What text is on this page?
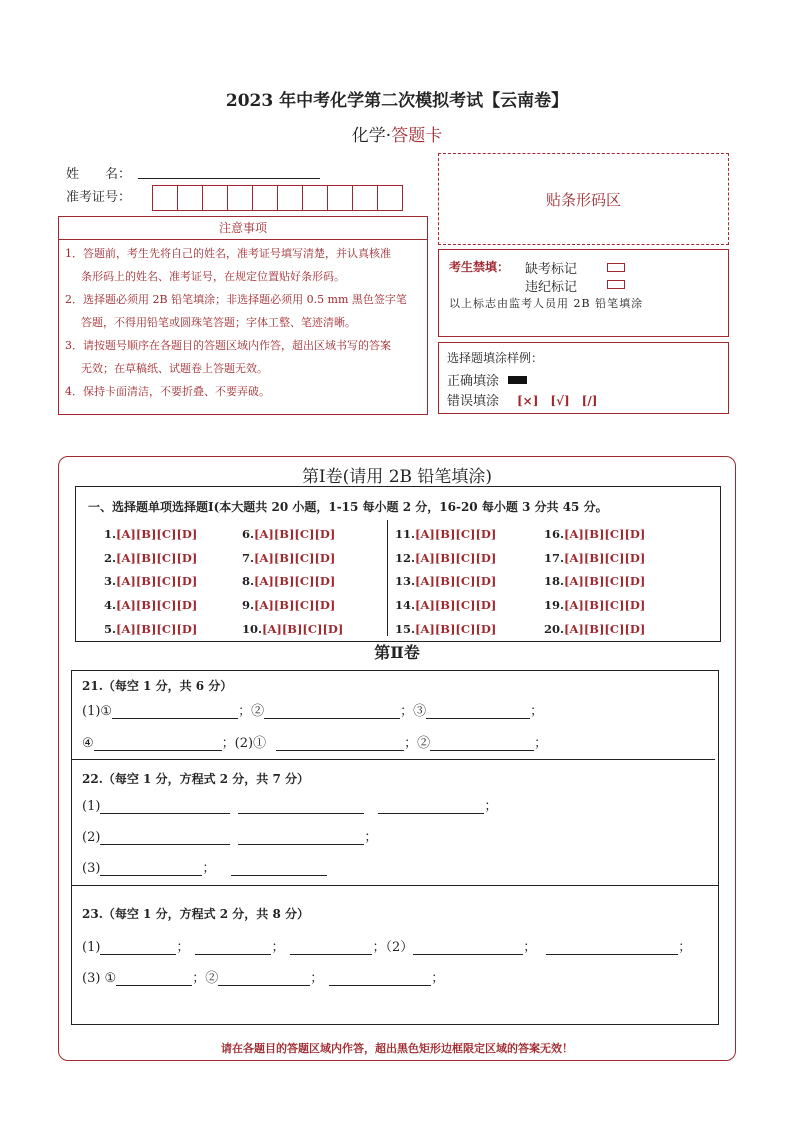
2023 年中考化学第二次模拟考试【云南卷】
化学·答题卡
姓　　名：
准考证号：	贴条形码区
注意事项
1．答题前，考生先将自己的姓名，准考证号填写清楚，并认真核准
条形码上的姓名、准考证号，在规定位置贴好条形码。
2．选择题必须用 2B 铅笔填涂；非选择题必须用 0.5 mm 黑色签字笔
答题，不得用铅笔或圆珠笔答题；字体工整、笔迹清晰。
3．请按题号顺序在各题目的答题区域内作答，超出区域书写的答案
无效；在草稿纸、试题卷上答题无效。
4．保持卡面清洁，不要折叠、不要弄破。
考生禁填： 缺考标记
违纪标记
以上标志由监考人员用 2B 铅笔填涂
选择题填涂样例：
正确填涂
错误填涂 [×]　[√]　[/]
第Ⅰ卷(请用 2B 铅笔填涂)
一、选择题单项选择题Ⅰ(本大题共 20 小题，1-15 每小题 2 分，16-20 每小题 3 分共 45 分。
1.[A][B][C][D]
2.[A][B][C][D]
3.[A][B][C][D]
4.[A][B][C][D]
5.[A][B][C][D]
6.[A][B][C][D]
7.[A][B][C][D]
8.[A][B][C][D]
9.[A][B][C][D]
10.[A][B][C][D]
11.[A][B][C][D]
12.[A][B][C][D]
13.[A][B][C][D]
14.[A][B][C][D]
15.[A][B][C][D]
16.[A][B][C][D]
17.[A][B][C][D]
18.[A][B][C][D]
19.[A][B][C][D]
20.[A][B][C][D]
第Ⅱ卷
21.（每空 1 分，共 6 分）
(1)①	；②	；③	；
④	；(2)①	；②	；
22.（每空 1 分，方程式 2 分，共 7 分）
(1)	；
(2)	；
(3)	；
23.（每空 1 分，方程式 2 分，共 8 分）
(1)	；	；	；（2）	；	；
(3) ①	；②	；	；
请在各题目的答题区域内作答，超出黑色矩形边框限定区域的答案无效！
